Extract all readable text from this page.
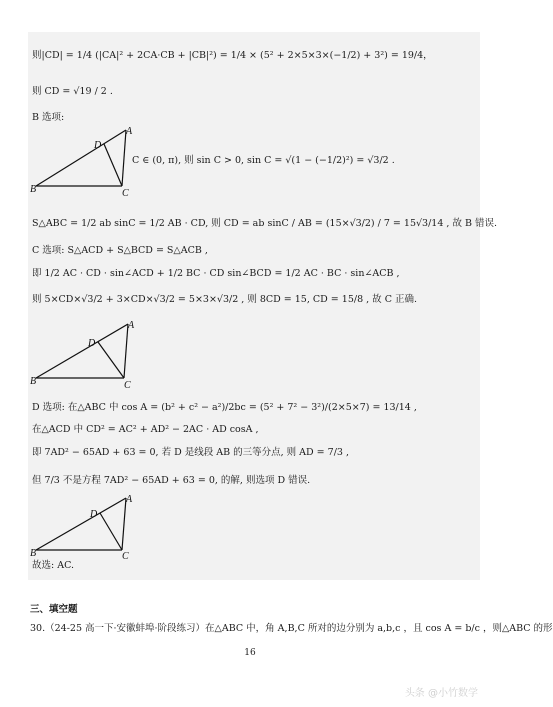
则|CD| = 1/4 (|CA|² + 2CA·CB + |CB|²) = 1/4 × (5² + 2×5×3×(−1/2) + 3²) = 19/4，
则 CD = √19 / 2 .
B 选项:
A
B	C
D
C ∈ (0, π), 则 sin C > 0, sin C = √(1 − (−1/2)²) = √3/2 .
S△ABC = 1/2 ab sinC = 1/2 AB · CD, 则 CD = ab sinC / AB = (15×√3/2) / 7 = 15√3/14 , 故 B 错误.
C 选项: S△ACD + S△BCD = S△ACB ,
即 1/2 AC · CD · sin∠ACD + 1/2 BC · CD sin∠BCD = 1/2 AC · BC · sin∠ACB ,
则 5×CD×√3/2 + 3×CD×√3/2 = 5×3×√3/2 , 则 8CD = 15, CD = 15/8 , 故 C 正确.
A
B	C
D
D 选项: 在△ABC 中 cos A = (b² + c² − a²)/2bc = (5² + 7² − 3²)/(2×5×7) = 13/14 ,
在△ACD 中 CD² = AC² + AD² − 2AC · AD cosA ,
即 7AD² − 65AD + 63 = 0, 若 D 是线段 AB 的三等分点, 则 AD = 7/3 ,
但 7/3 不是方程 7AD² − 65AD + 63 = 0, 的解, 则选项 D 错误.
A
B	C
D
故选: AC.
三、填空题
30.（24-25 高一下·安徽蚌埠·阶段练习）在△ABC 中，角 A,B,C 所对的边分别为 a,b,c ，且 cos A = b/c ，则△ABC 的形
16
头条 @小竹数学
